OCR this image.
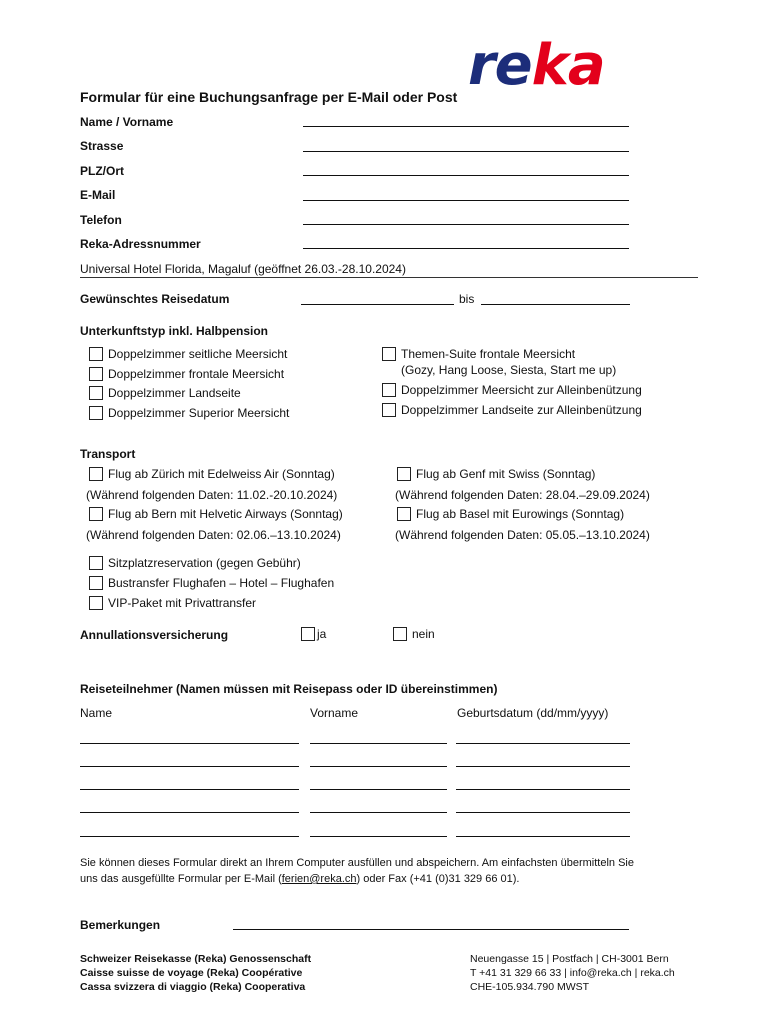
reka
Formular für eine Buchungsanfrage per E-Mail oder Post
Name / Vorname
Strasse
PLZ/Ort
E-Mail
Telefon
Reka-Adressnummer
Universal Hotel Florida, Magaluf (geöffnet 26.03.-28.10.2024)
Gewünschtes Reisedatum	bis
Unterkunftstyp inkl. Halbpension
Doppelzimmer seitliche Meersicht
Doppelzimmer frontale Meersicht
Doppelzimmer Landseite
Doppelzimmer Superior Meersicht
Themen-Suite frontale Meersicht
(Gozy, Hang Loose, Siesta, Start me up)
Doppelzimmer Meersicht zur Alleinbenützung
Doppelzimmer Landseite zur Alleinbenützung
Transport
Flug ab Zürich mit Edelweiss Air (Sonntag)
(Während folgenden Daten: 11.02.-20.10.2024)
Flug ab Bern mit Helvetic Airways (Sonntag)
(Während folgenden Daten: 02.06.–13.10.2024)
Flug ab Genf mit Swiss (Sonntag)
(Während folgenden Daten: 28.04.–29.09.2024)
Flug ab Basel mit Eurowings (Sonntag)
(Während folgenden Daten: 05.05.–13.10.2024)
Sitzplatzreservation (gegen Gebühr)
Bustransfer Flughafen – Hotel – Flughafen
VIP-Paket mit Privattransfer
Annullationsversicherung	ja	nein
Reiseteilnehmer (Namen müssen mit Reisepass oder ID übereinstimmen)
Name	Vorname	Geburtsdatum (dd/mm/yyyy)
Sie können dieses Formular direkt an Ihrem Computer ausfüllen und abspeichern. Am einfachsten übermitteln Sie
uns das ausgefüllte Formular per E-Mail (ferien@reka.ch) oder Fax (+41 (0)31 329 66 01).
Bemerkungen
Schweizer Reisekasse (Reka) Genossenschaft
Caisse suisse de voyage (Reka) Coopérative
Cassa svizzera di viaggio (Reka) Cooperativa
Neuengasse 15 | Postfach | CH-3001 Bern
T +41 31 329 66 33 | info@reka.ch | reka.ch
CHE-105.934.790 MWST
